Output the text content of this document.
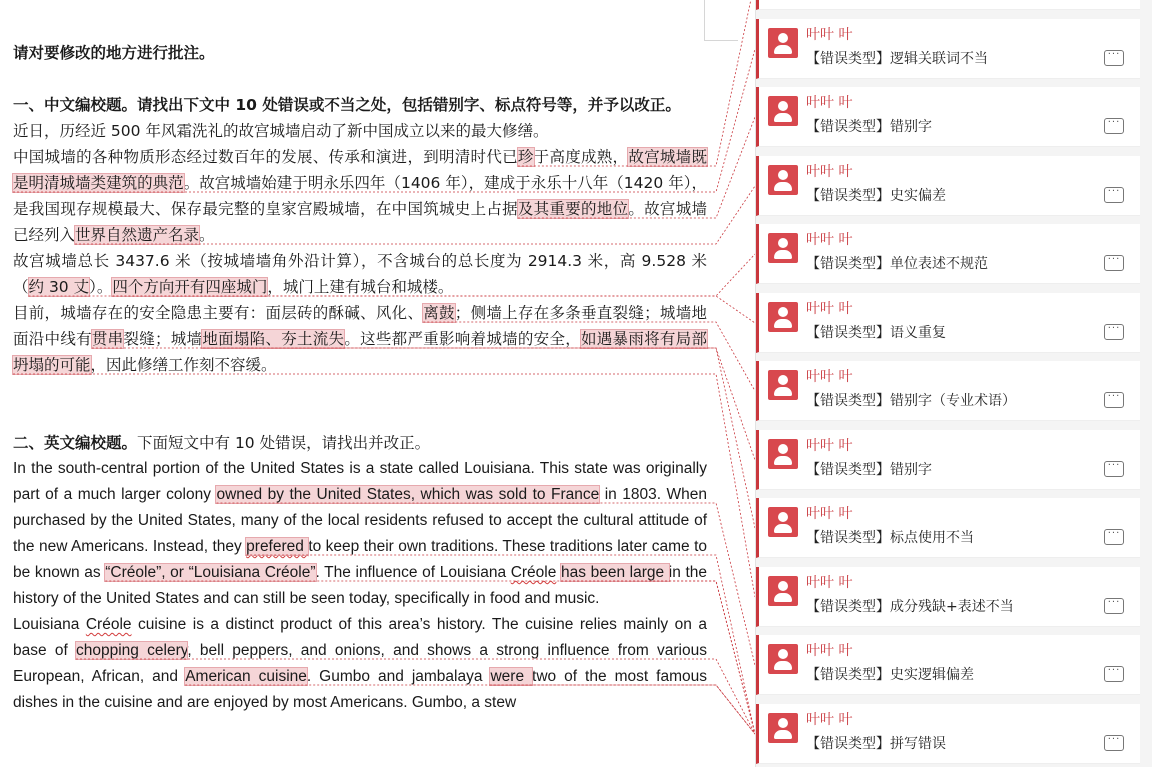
请对要修改的地方进行批注。

一、中文编校题。请找出下文中 10 处错误或不当之处，包括错别字、标点符号等，并予以改正。

近日，历经近 500 年风霜洗礼的故宫城墙启动了新中国成立以来的最大修缮。

中国城墙的各种物质形态经过数百年的发展、传承和演进，到明清时代已珍于高度成熟，故宫城墙既是明清城墙类建筑的典范。故宫城墙始建于明永乐四年（1406 年），建成于永乐十八年（1420 年），是我国现存规模最大、保存最完整的皇家宫殿城墙，在中国筑城史上占据及其重要的地位。故宫城墙已经列入世界自然遗产名录。

故宫城墙总长 3437.6 米（按城墙墙角外沿计算），不含城台的总长度为 2914.3 米，高 9.528 米（约 30 丈）。四个方向开有四座城门，城门上建有城台和城楼。

目前，城墙存在的安全隐患主要有：面层砖的酥碱、风化、离鼓；侧墙上存在多条垂直裂缝；城墙地面沿中线有贯串裂缝；城墙地面塌陷、夯土流失。这些都严重影响着城墙的安全，如遇暴雨将有局部坍塌的可能，因此修缮工作刻不容缓。

二、英文编校题。下面短文中有 10 处错误，请找出并改正。

In the south-central portion of the United States is a state called Louisiana. This state was originally part of a much larger colony owned by the United States, which was sold to France in 1803. When purchased by the United States, many of the local residents refused to accept the cultural attitude of the new Americans. Instead, they prefered to keep their own traditions. These traditions later came to be known as “Créole”, or “Louisiana Créole”. The influence of Louisiana Créole has been large in the history of the United States and can still be seen today, specifically in food and music.

Louisiana Créole cuisine is a distinct product of this area’s history. The cuisine relies mainly on a base of chopping celery, bell peppers, and onions, and shows a strong influence from various European, African, and American cuisine. Gumbo and jambalaya were two of the most famous dishes in the cuisine and are enjoyed by most Americans. Gumbo, a stew

叶叶 叶
【错误类型】逻辑关联词不当	···
叶叶 叶
【错误类型】错别字	···
叶叶 叶
【错误类型】史实偏差	···
叶叶 叶
【错误类型】单位表述不规范	···
叶叶 叶
【错误类型】语义重复	···
叶叶 叶
【错误类型】错别字（专业术语）	···
叶叶 叶
【错误类型】错别字	···
叶叶 叶
【错误类型】标点使用不当	···
叶叶 叶
【错误类型】成分残缺+表述不当	···
叶叶 叶
【错误类型】史实逻辑偏差	···
叶叶 叶
【错误类型】拼写错误	···
